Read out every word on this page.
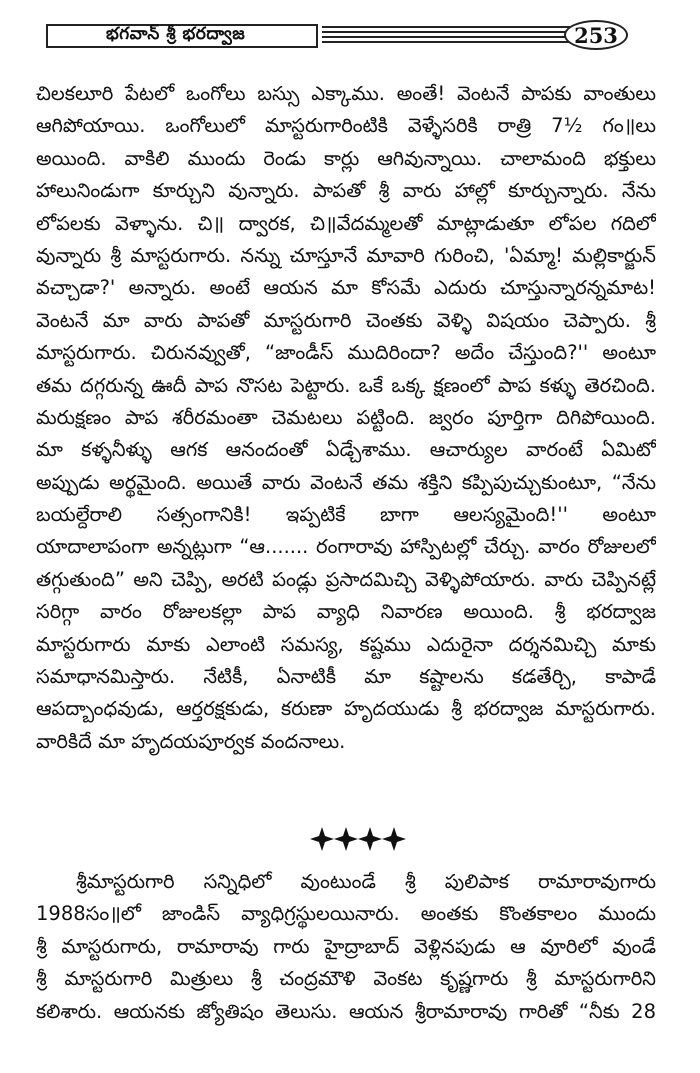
భగవాన్ శ్రీ భరద్వాజ	253
చిలకలూరి పేటలో ఒంగోలు బస్సు ఎక్కాము. అంతే! వెంటనే పాపకు వాంతులు
ఆగిపోయాయి. ఒంగోలులో మాస్టరుగారింటికి వెళ్ళేసరికి రాత్రి 7½ గం॥లు
అయింది. వాకిలి ముందు రెండు కార్లు ఆగివున్నాయి. చాలామంది భక్తులు
హాలునిండుగా కూర్చుని వున్నారు. పాపతో శ్రీ వారు హాల్లో కూర్చున్నారు. నేను
లోపలకు వెళ్ళాను. చి॥ ద్వారక, చి॥వేదమ్మలతో మాట్లాడుతూ లోపల గదిలో
వున్నారు శ్రీ మాస్టరుగారు. నన్ను చూస్తూనే మావారి గురించి, 'ఏమ్మా! మల్లికార్జున్
వచ్చాడా?' అన్నారు. అంటే ఆయన మా కోసమే ఎదురు చూస్తున్నారన్నమాట!
వెంటనే మా వారు పాపతో మాస్టరుగారి చెంతకు వెళ్ళి విషయం చెప్పారు. శ్రీ
మాస్టరుగారు. చిరునవ్వుతో, “జాండీస్ ముదిరిందా? అదేం చేస్తుంది?'' అంటూ
తమ దగ్గరున్న ఊదీ పాప నొసట పెట్టారు. ఒకే ఒక్క క్షణంలో పాప కళ్ళు తెరచింది.
మరుక్షణం పాప శరీరమంతా చెమటలు పట్టింది. జ్వరం పూర్తిగా దిగిపోయింది.
మా కళ్ళనీళ్ళు ఆగక ఆనందంతో ఏడ్చేశాము. ఆచార్యుల వారంటే ఏమిటో
అప్పుడు అర్థమైంది. అయితే వారు వెంటనే తమ శక్తిని కప్పిపుచ్చుకుంటూ, “నేను
బయల్దేరాలి సత్సంగానికి! ఇప్పటికే బాగా ఆలస్యమైంది!'' అంటూ
యాదాలాపంగా అన్నట్లుగా “ఆ....... రంగారావు హాస్పిటల్లో చేర్చు. వారం రోజులలో
తగ్గుతుంది” అని చెప్పి, అరటి పండ్లు ప్రసాదమిచ్చి వెళ్ళిపోయారు. వారు చెప్పినట్లే
సరిగ్గా వారం రోజులకల్లా పాప వ్యాధి నివారణ అయింది. శ్రీ భరద్వాజ
మాస్టరుగారు మాకు ఎలాంటి సమస్య, కష్టము ఎదురైనా దర్శనమిచ్చి మాకు
సమాధానమిస్తారు. నేటికీ, ఏనాటికీ మా కష్టాలను కడతేర్చి, కాపాడే
ఆపద్బాంధవుడు, ఆర్తరక్షకుడు, కరుణా హృదయుడు శ్రీ భరద్వాజ మాస్టరుగారు.
వారికిదే మా హృదయపూర్వక వందనాలు.
శ్రీమాస్టరుగారి సన్నిధిలో వుంటుండే శ్రీ పులిపాక రామారావుగారు
1988సం॥లో జాండిస్ వ్యాధిగ్రస్థులయినారు. అంతకు కొంతకాలం ముందు
శ్రీ మాస్టరుగారు, రామారావు గారు హైద్రాబాద్ వెళ్లినపుడు ఆ వూరిలో వుండే
శ్రీ మాస్టరుగారి మిత్రులు శ్రీ చంద్రమౌళి వెంకట కృష్ణగారు శ్రీ మాస్టరుగారిని
కలిశారు. ఆయనకు జ్యోతిషం తెలుసు. ఆయన శ్రీరామారావు గారితో “నీకు 28
